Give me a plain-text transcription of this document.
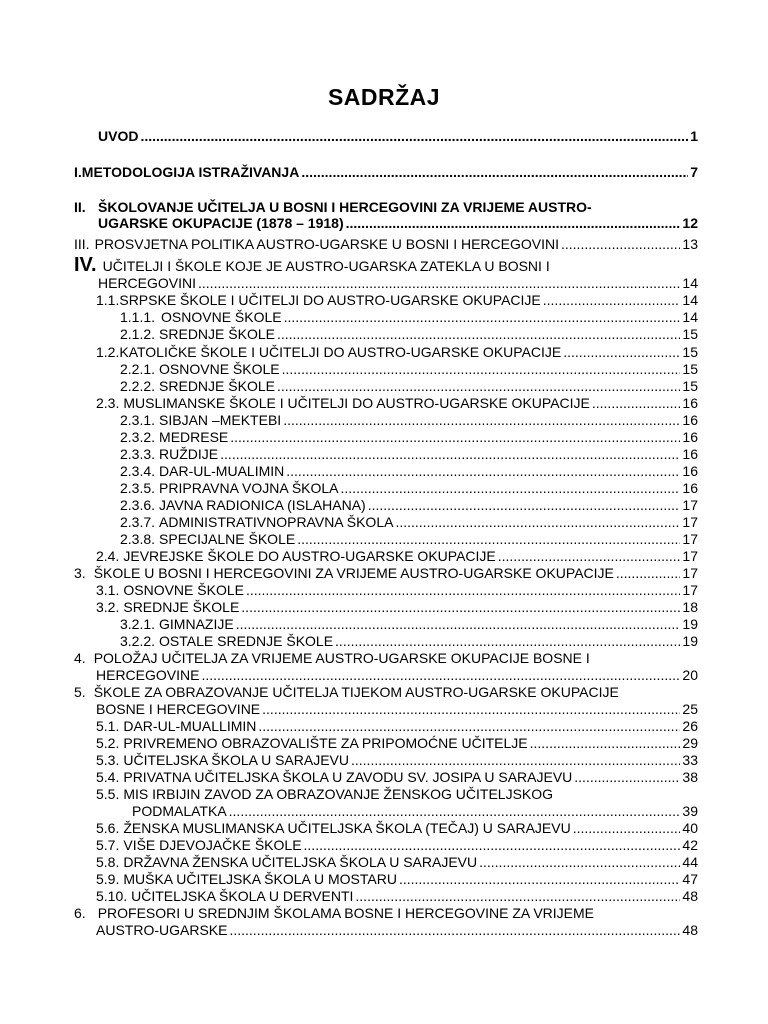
SADRŽAJ
UVOD .....	1
I. METODOLOGIJA ISTRAŽIVANJA .....	7
II. ŠKOLOVANJE UČITELJA U BOSNI I HERCEGOVINI ZA VRIJEME AUSTRO-
UGARSKE OKUPACIJE (1878 – 1918) .....	12
III. PROSVJETNA POLITIKA AUSTRO-UGARSKE U BOSNI I HERCEGOVINI .....	13
IV. UČITELJI I ŠKOLE KOJE JE AUSTRO-UGARSKA ZATEKLA U BOSNI I
HERCEGOVINI .....	14
1.1. SRPSKE ŠKOLE I UČITELJI DO AUSTRO-UGARSKE OKUPACIJE .....	14
1.1.1. OSNOVNE ŠKOLE .....	14
2.1.2. SREDNJE ŠKOLE .....	15
1.2. KATOLIČKE ŠKOLE I UČITELJI DO AUSTRO-UGARSKE OKUPACIJE .....	15
2.2.1. OSNOVNE ŠKOLE .....	15
2.2.2. SREDNJE ŠKOLE .....	15
2.3. MUSLIMANSKE ŠKOLE I UČITELJI DO AUSTRO-UGARSKE OKUPACIJE .....	16
2.3.1. SIBJAN –MEKTEBI .....	16
2.3.2. MEDRESE .....	16
2.3.3. RUŽDIJE .....	16
2.3.4. DAR-UL-MUALIMIN .....	16
2.3.5. PRIPRAVNA VOJNA ŠKOLA .....	16
2.3.6. JAVNA RADIONICA (ISLAHANA) .....	17
2.3.7. ADMINISTRATIVNOPRAVNA ŠKOLA .....	17
2.3.8. SPECIJALNE ŠKOLE .....	17
2.4. JEVREJSKE ŠKOLE DO AUSTRO-UGARSKE OKUPACIJE .....	17
3. ŠKOLE U BOSNI I HERCEGOVINI ZA VRIJEME AUSTRO-UGARSKE OKUPACIJE .....	17
3.1. OSNOVNE ŠKOLE .....	17
3.2. SREDNJE ŠKOLE .....	18
3.2.1. GIMNAZIJE .....	19
3.2.2. OSTALE SREDNJE ŠKOLE .....	19
4. POLOŽAJ UČITELJA ZA VRIJEME AUSTRO-UGARSKE OKUPACIJE BOSNE I
HERCEGOVINE .....	20
5. ŠKOLE ZA OBRAZOVANJE UČITELJA TIJEKOM AUSTRO-UGARSKE OKUPACIJE
BOSNE I HERCEGOVINE .....	25
5.1. DAR-UL-MUALLIMIN .....	26
5.2. PRIVREMENO OBRAZOVALIŠTE ZA PRIPOMOĆNE UČITELJE .....	29
5.3. UČITELJSKA ŠKOLA U SARAJEVU .....	33
5.4. PRIVATNA UČITELJSKA ŠKOLA U ZAVODU SV. JOSIPA U SARAJEVU .....	38
5.5. MIS IRBIJIN ZAVOD ZA OBRAZOVANJE ŽENSKOG UČITELJSKOG
PODMALATKA .....	39
5.6. ŽENSKA MUSLIMANSKA UČITELJSKA ŠKOLA (TEČAJ) U SARAJEVU .....	40
5.7. VIŠE DJEVOJAČKE ŠKOLE .....	42
5.8. DRŽAVNA ŽENSKA UČITELJSKA ŠKOLA U SARAJEVU .....	44
5.9. MUŠKA UČITELJSKA ŠKOLA U MOSTARU .....	47
5.10. UČITELJSKA ŠKOLA U DERVENTI .....	48
6. PROFESORI U SREDNJIM ŠKOLAMA BOSNE I HERCEGOVINE ZA VRIJEME
AUSTRO-UGARSKE .....	48
